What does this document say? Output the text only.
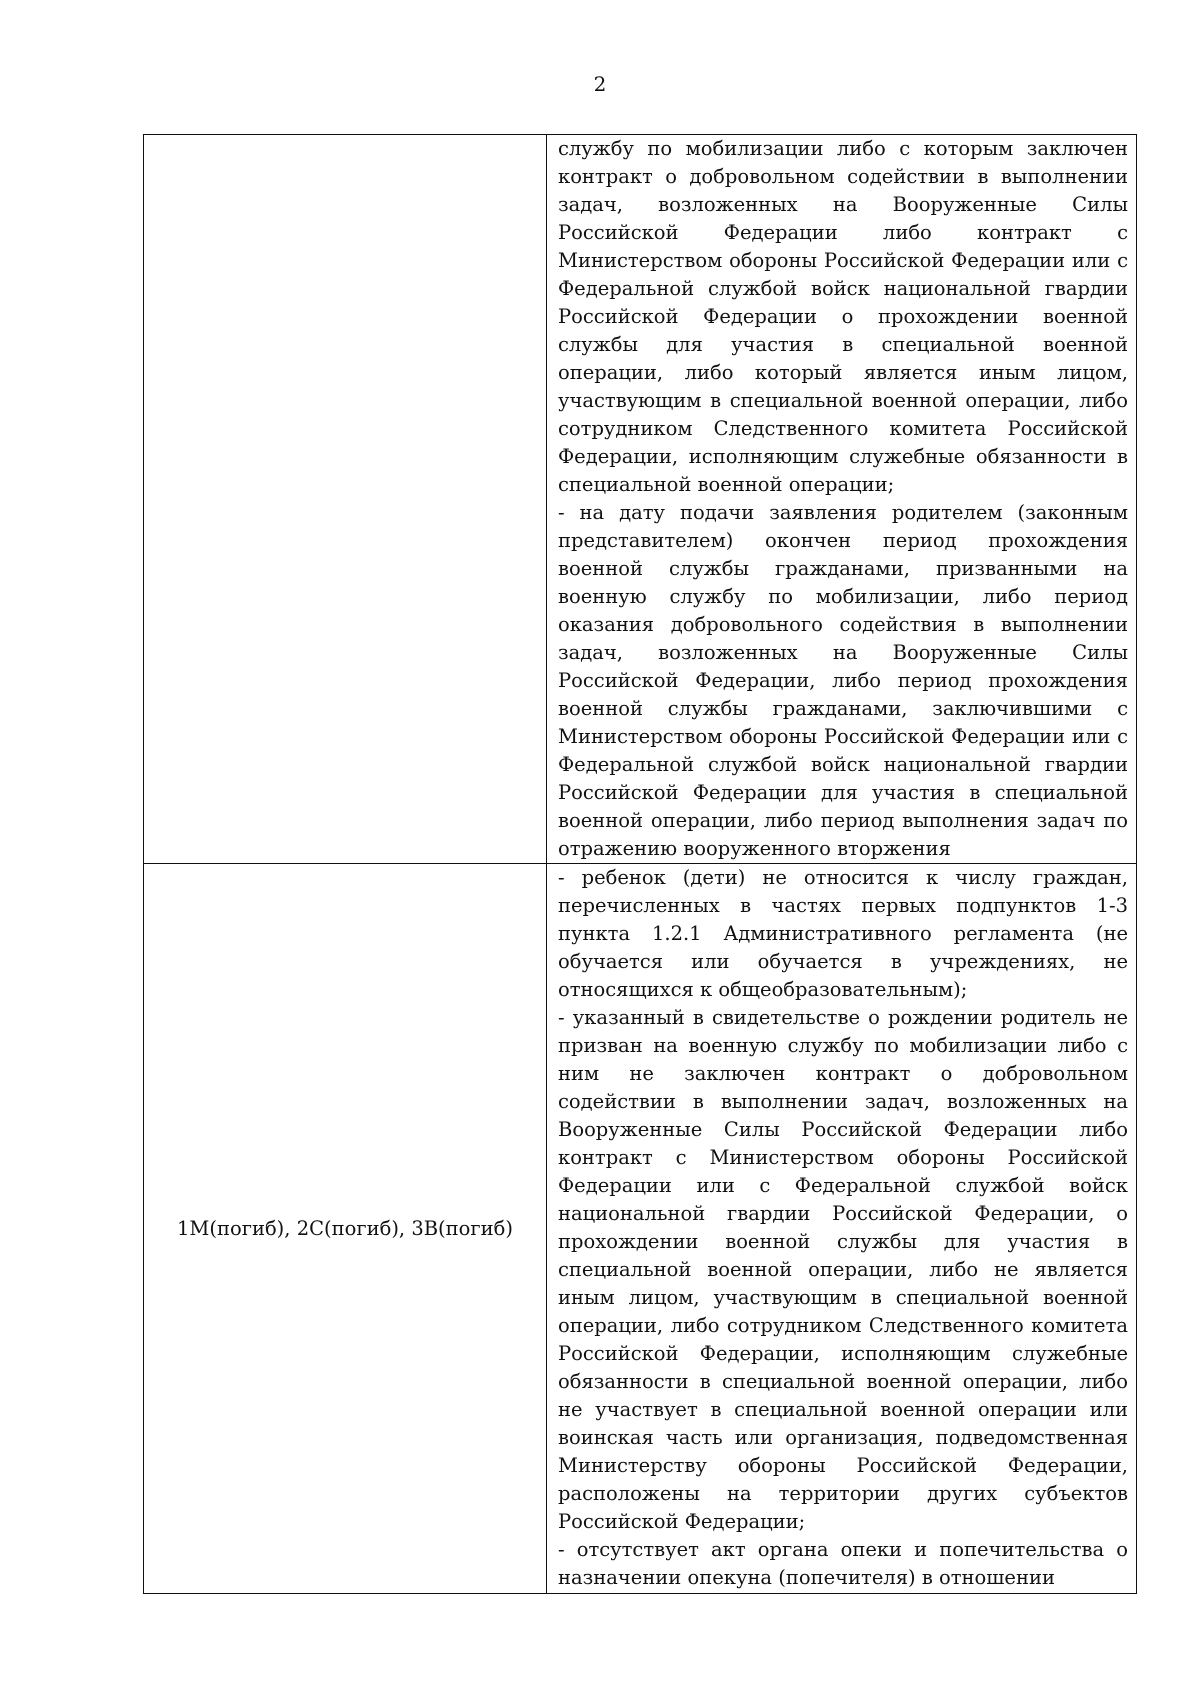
2

	службу по мобилизации либо с которым заключен контракт о добровольном содействии в выполнении задач, возложенных на Вооруженные Силы Российской Федерации либо контракт с Министерством обороны Российской Федерации или с Федеральной службой войск национальной гвардии Российской Федерации о прохождении военной службы для участия в специальной военной операции, либо который является иным лицом, участвующим в специальной военной операции, либо сотрудником Следственного комитета Российской Федерации, исполняющим служебные обязанности в специальной военной операции;

- на дату подачи заявления родителем (законным представителем) окончен период прохождения военной службы гражданами, призванными на военную службу по мобилизации, либо период оказания добровольного содействия в выполнении задач, возложенных на Вооруженные Силы Российской Федерации, либо период прохождения военной службы гражданами, заключившими с Министерством обороны Российской Федерации или с Федеральной службой войск национальной гвардии Российской Федерации для участия в специальной военной операции, либо период выполнения задач по отражению вооруженного вторжения

1М(погиб), 2С(погиб), 3В(погиб)	- ребенок (дети) не относится к числу граждан, перечисленных в частях первых подпунктов 1-3 пункта 1.2.1 Административного регламента (не обучается или обучается в учреждениях, не относящихся к общеобразовательным);

- указанный в свидетельстве о рождении родитель не призван на военную службу по мобилизации либо с ним не заключен контракт о добровольном содействии в выполнении задач, возложенных на Вооруженные Силы Российской Федерации либо контракт с Министерством обороны Российской Федерации или с Федеральной службой войск национальной гвардии Российской Федерации, о прохождении военной службы для участия в специальной военной операции, либо не является иным лицом, участвующим в специальной военной операции, либо сотрудником Следственного комитета Российской Федерации, исполняющим служебные обязанности в специальной военной операции, либо не участвует в специальной военной операции или воинская часть или организация, подведомственная Министерству обороны Российской Федерации, расположены на территории других субъектов Российской Федерации;

- отсутствует акт органа опеки и попечительства о назначении опекуна (попечителя) в отношении
